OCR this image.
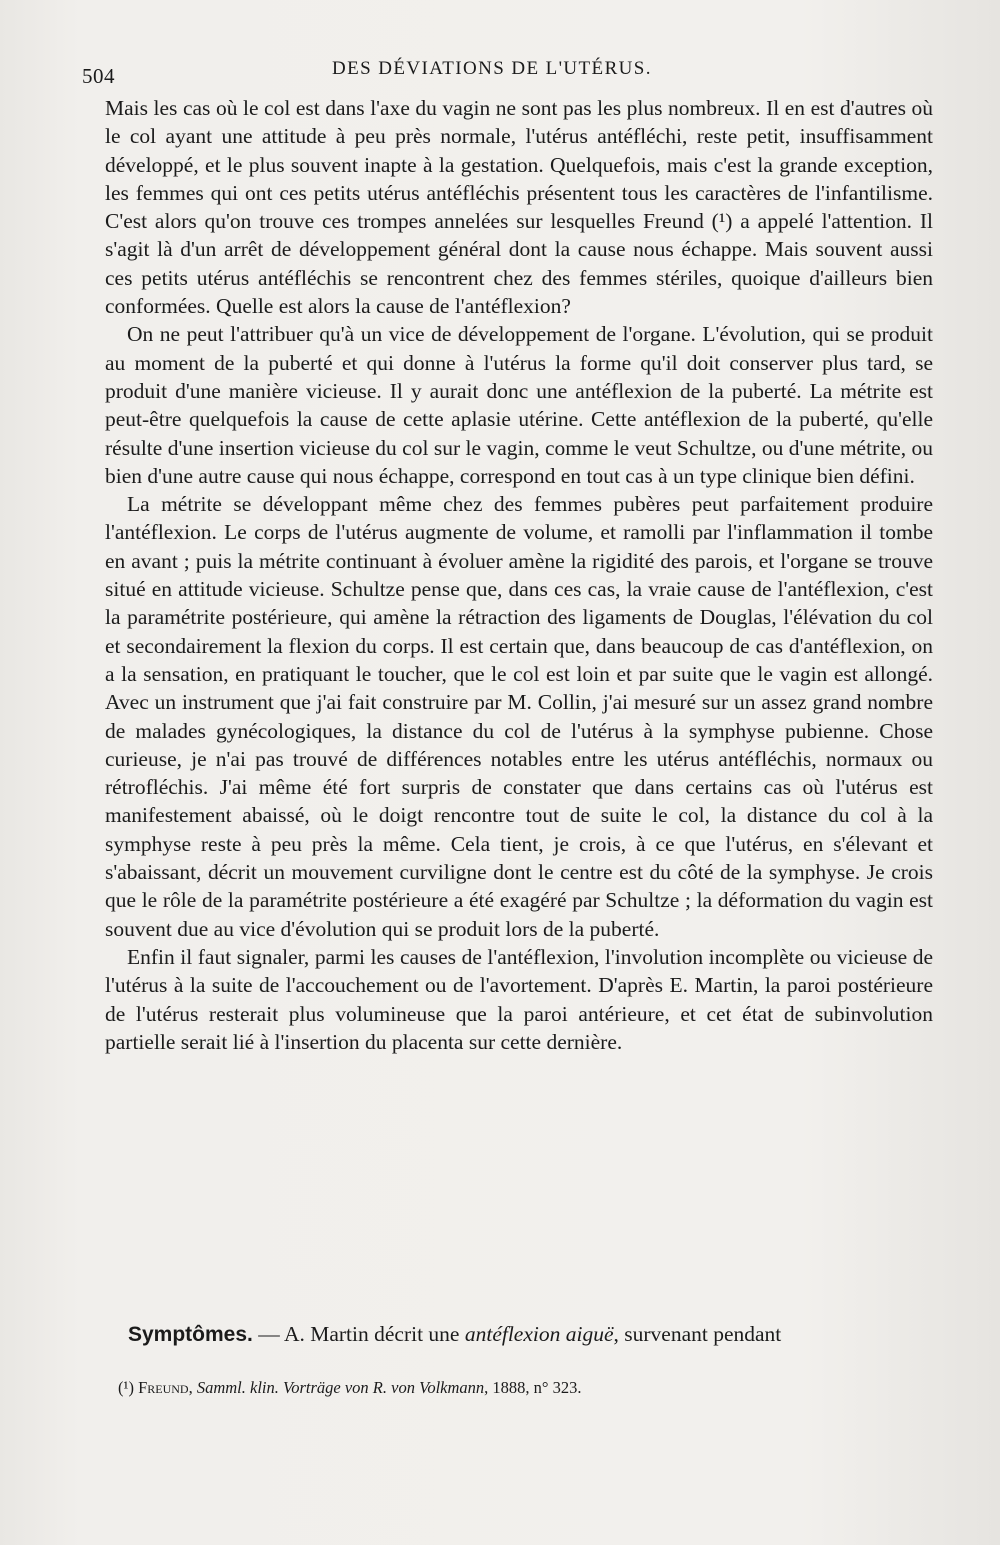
504	DES DÉVIATIONS DE L'UTÉRUS.

Mais les cas où le col est dans l'axe du vagin ne sont pas les plus nombreux. Il en est d'autres où le col ayant une attitude à peu près normale, l'utérus antéfléchi, reste petit, insuffisamment développé, et le plus souvent inapte à la gestation. Quelquefois, mais c'est la grande exception, les femmes qui ont ces petits utérus antéfléchis présentent tous les caractères de l'infantilisme. C'est alors qu'on trouve ces trompes annelées sur lesquelles Freund (¹) a appelé l'attention. Il s'agit là d'un arrêt de développement général dont la cause nous échappe. Mais souvent aussi ces petits utérus antéfléchis se rencontrent chez des femmes stériles, quoique d'ailleurs bien conformées. Quelle est alors la cause de l'antéflexion?

On ne peut l'attribuer qu'à un vice de développement de l'organe. L'évolution, qui se produit au moment de la puberté et qui donne à l'utérus la forme qu'il doit conserver plus tard, se produit d'une manière vicieuse. Il y aurait donc une antéflexion de la puberté. La métrite est peut-être quelquefois la cause de cette aplasie utérine. Cette antéflexion de la puberté, qu'elle résulte d'une insertion vicieuse du col sur le vagin, comme le veut Schultze, ou d'une métrite, ou bien d'une autre cause qui nous échappe, correspond en tout cas à un type clinique bien défini.

La métrite se développant même chez des femmes pubères peut parfaitement produire l'antéflexion. Le corps de l'utérus augmente de volume, et ramolli par l'inflammation il tombe en avant ; puis la métrite continuant à évoluer amène la rigidité des parois, et l'organe se trouve situé en attitude vicieuse. Schultze pense que, dans ces cas, la vraie cause de l'antéflexion, c'est la paramétrite postérieure, qui amène la rétraction des ligaments de Douglas, l'élévation du col et secondairement la flexion du corps. Il est certain que, dans beaucoup de cas d'antéflexion, on a la sensation, en pratiquant le toucher, que le col est loin et par suite que le vagin est allongé. Avec un instrument que j'ai fait construire par M. Collin, j'ai mesuré sur un assez grand nombre de malades gynécologiques, la distance du col de l'utérus à la symphyse pubienne. Chose curieuse, je n'ai pas trouvé de différences notables entre les utérus antéfléchis, normaux ou rétrofléchis. J'ai même été fort surpris de constater que dans certains cas où l'utérus est manifestement abaissé, où le doigt rencontre tout de suite le col, la distance du col à la symphyse reste à peu près la même. Cela tient, je crois, à ce que l'utérus, en s'élevant et s'abaissant, décrit un mouvement curviligne dont le centre est du côté de la symphyse. Je crois que le rôle de la paramétrite postérieure a été exagéré par Schultze ; la déformation du vagin est souvent due au vice d'évolution qui se produit lors de la puberté.

Enfin il faut signaler, parmi les causes de l'antéflexion, l'involution incomplète ou vicieuse de l'utérus à la suite de l'accouchement ou de l'avortement. D'après E. Martin, la paroi postérieure de l'utérus resterait plus volumineuse que la paroi antérieure, et cet état de subinvolution partielle serait lié à l'insertion du placenta sur cette dernière.

Symptômes. — A. Martin décrit une antéflexion aiguë, survenant pendant
(¹) Freund, Samml. klin. Vorträge von R. von Volkmann, 1888, n° 323.
